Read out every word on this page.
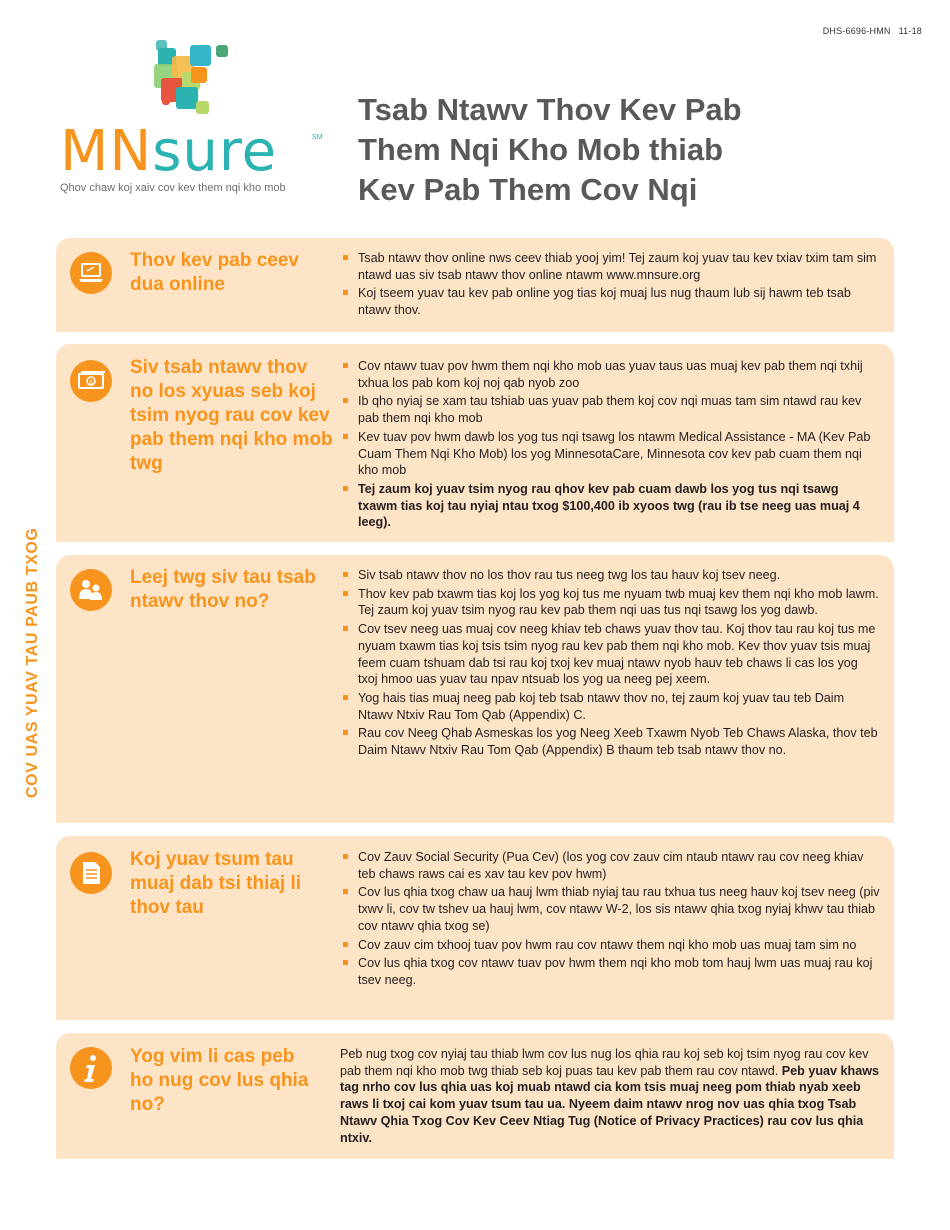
DHS-6696-HMN 11-18
MNsure	SM
Qhov chaw koj xaiv cov kev them nqi kho mob
Tsab Ntawv Thov Kev Pab
Them Nqi Kho Mob thiab
Kev Pab Them Cov Nqi
COV UAS YUAV TAU PAUB TXOG
Thov kev pab ceev dua online
Tsab ntawv thov online nws ceev thiab yooj yim! Tej zaum koj yuav tau kev txiav txim tam sim ntawd uas siv tsab ntawv thov online ntawm www.mnsure.org
Koj tseem yuav tau kev pab online yog tias koj muaj lus nug thaum lub sij hawm teb tsab ntawv thov.
$
Siv tsab ntawv thov no los xyuas seb koj tsim nyog rau cov kev pab them nqi kho mob twg
Cov ntawv tuav pov hwm them nqi kho mob uas yuav taus uas muaj kev pab them nqi txhij txhua los pab kom koj noj qab nyob zoo
Ib qho nyiaj se xam tau tshiab uas yuav pab them koj cov nqi muas tam sim ntawd rau kev pab them nqi kho mob
Kev tuav pov hwm dawb los yog tus nqi tsawg los ntawm Medical Assistance - MA (Kev Pab Cuam Them Nqi Kho Mob) los yog MinnesotaCare, Minnesota cov kev pab cuam them nqi kho mob
Tej zaum koj yuav tsim nyog rau qhov kev pab cuam dawb los yog tus nqi tsawg txawm tias koj tau nyiaj ntau txog $100,400 ib xyoos twg (rau ib tse neeg uas muaj 4 leeg).
Leej twg siv tau tsab ntawv thov no?
Siv tsab ntawv thov no los thov rau tus neeg twg los tau hauv koj tsev neeg.
Thov kev pab txawm tias koj los yog koj tus me nyuam twb muaj kev them nqi kho mob lawm. Tej zaum koj yuav tsim nyog rau kev pab them nqi uas tus nqi tsawg los yog dawb.
Cov tsev neeg uas muaj cov neeg khiav teb chaws yuav thov tau. Koj thov tau rau koj tus me nyuam txawm tias koj tsis tsim nyog rau kev pab them nqi kho mob. Kev thov yuav tsis muaj feem cuam tshuam dab tsi rau koj txoj kev muaj ntawv nyob hauv teb chaws li cas los yog txoj hmoo uas yuav tau npav ntsuab los yog ua neeg pej xeem.
Yog hais tias muaj neeg pab koj teb tsab ntawv thov no, tej zaum koj yuav tau teb Daim Ntawv Ntxiv Rau Tom Qab (Appendix) C.
Rau cov Neeg Qhab Asmeskas los yog Neeg Xeeb Txawm Nyob Teb Chaws Alaska, thov teb Daim Ntawv Ntxiv Rau Tom Qab (Appendix) B thaum teb tsab ntawv thov no.
Koj yuav tsum tau muaj dab tsi thiaj li thov tau
Cov Zauv Social Security (Pua Cev) (los yog cov zauv cim ntaub ntawv rau cov neeg khiav teb chaws raws cai es xav tau kev pov hwm)
Cov lus qhia txog chaw ua hauj lwm thiab nyiaj tau rau txhua tus neeg hauv koj tsev neeg (piv txwv li, cov tw tshev ua hauj lwm, cov ntawv W-2, los sis ntawv qhia txog nyiaj khwv tau thiab cov ntawv qhia txog se)
Cov zauv cim txhooj tuav pov hwm rau cov ntawv them nqi kho mob uas muaj tam sim no
Cov lus qhia txog cov ntawv tuav pov hwm them nqi kho mob tom hauj lwm uas muaj rau koj tsev neeg.
Yog vim li cas peb ho nug cov lus qhia no?

Peb nug txog cov nyiaj tau thiab lwm cov lus nug los qhia rau koj seb koj tsim nyog rau cov kev pab them nqi kho mob twg thiab seb koj puas tau kev pab them rau cov ntawd. Peb yuav khaws tag nrho cov lus qhia uas koj muab ntawd cia kom tsis muaj neeg pom thiab nyab xeeb raws li txoj cai kom yuav tsum tau ua. Nyeem daim ntawv nrog nov uas qhia txog Tsab Ntawv Qhia Txog Cov Kev Ceev Ntiag Tug (Notice of Privacy Practices) rau cov lus qhia ntxiv.
